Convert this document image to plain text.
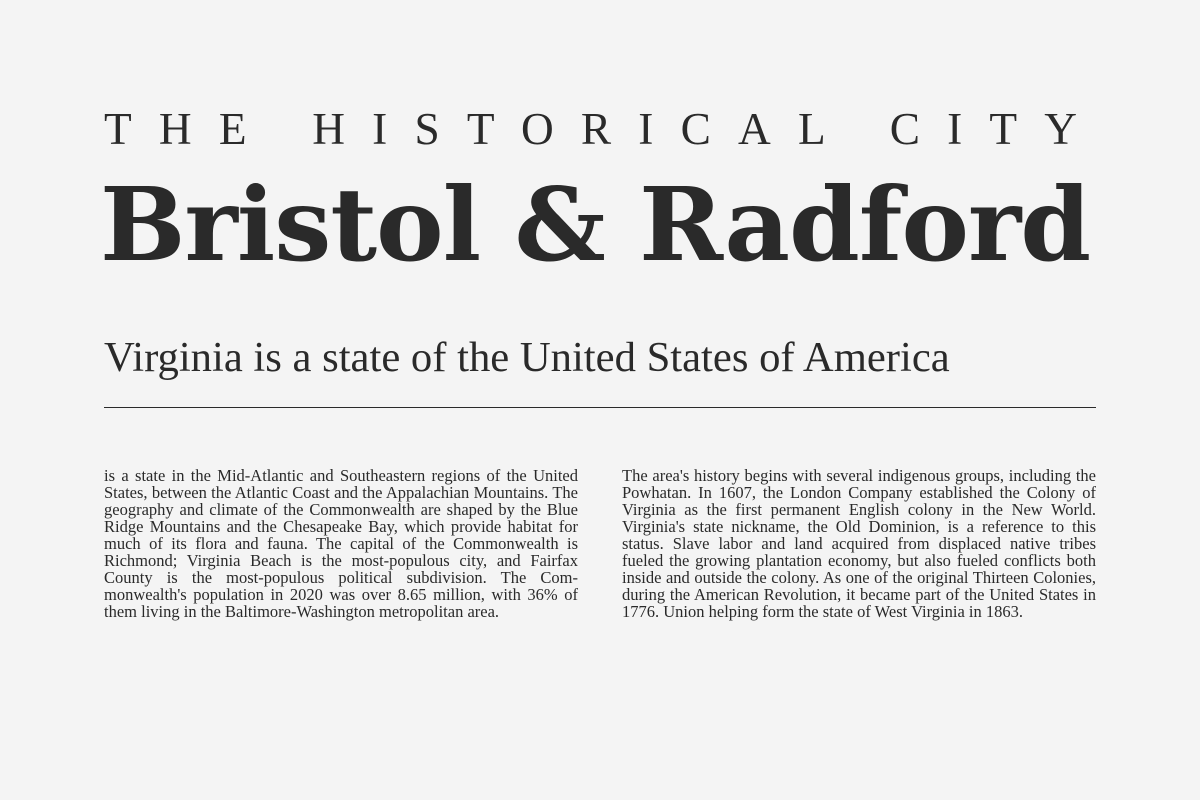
THE HISTORICAL CITY
Bristol & Radford
Virginia is a state of the United States of America

is a state in the Mid-Atlantic and Southeastern regions of the United States, between the Atlantic Coast and the Appalachian Mountains. The geography and climate of the Commonwealth are shaped by the Blue Ridge Mountains and the Chesapeake Bay, which provide habitat for much of its flora and fauna. The capital of the Commonwealth is Richmond; Virginia Beach is the most-populous city, and Fairfax County is the most-populous political subdivision. The Commonwealth's population in 2020 was over 8.65 million, with 36% of them living in the Baltimore-Washington metropolitan area.

The area's history begins with several indigenous groups, including the Powhatan. In 1607, the London Company established the Colony of Virginia as the first permanent English colony in the New World. Virginia's state nickname, the Old Dominion, is a reference to this status. Slave labor and land acquired from displaced native tribes fueled the growing plantation economy, but also fueled conflicts both inside and outside the colony. As one of the original Thirteen Colonies, during the American Revolution, it became part of the United States in 1776. Union helping form the state of West Virginia in 1863.
